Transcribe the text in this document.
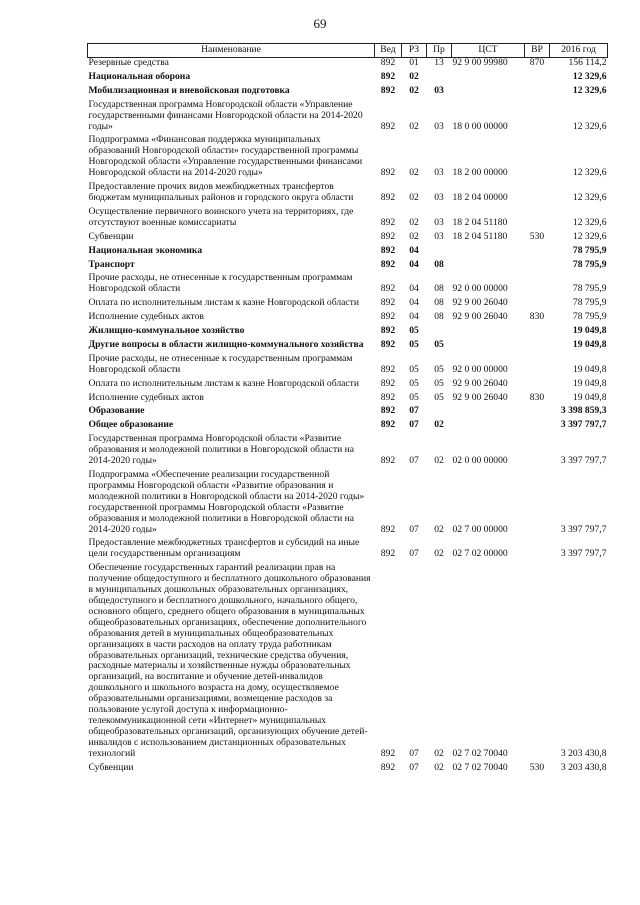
69
Наименование	Вед	РЗ	Пр	ЦСТ	ВР	2016 год
Резервные средства	892	01	13	92 9 00 99980	870	156 114,2
Национальная оборона	892	02				12 329,6
Мобилизационная и вневойсковая подготовка	892	02	03			12 329,6
Государственная программа Новгородской области «Управление государственными финансами Новгородской области на 2014-2020 годы»	892	02	03	18 0 00 00000		12 329,6
Подпрограмма «Финансовая поддержка муниципальных образований Новгородской области» государственной программы Новгородской области «Управление государственными финансами Новгородской области на 2014-2020 годы»	892	02	03	18 2 00 00000		12 329,6
Предоставление прочих видов межбюджетных трансфертов бюджетам муниципальных районов и городского округа области	892	02	03	18 2 04 00000		12 329,6
Осуществление первичного воинского учета на территориях, где отсутствуют военные комиссариаты	892	02	03	18 2 04 51180		12 329,6
Субвенции	892	02	03	18 2 04 51180	530	12 329,6
Национальная экономика	892	04				78 795,9
Транспорт	892	04	08			78 795,9
Прочие расходы, не отнесенные к государственным программам Новгородской области	892	04	08	92 0 00 00000		78 795,9
Оплата по исполнительным листам к казне Новгородской области	892	04	08	92 9 00 26040		78 795,9
Исполнение судебных актов	892	04	08	92 9 00 26040	830	78 795,9
Жилищно-коммунальное хозяйство	892	05				19 049,8
Другие вопросы в области жилищно-коммунального хозяйства	892	05	05			19 049,8
Прочие расходы, не отнесенные к государственным программам Новгородской области	892	05	05	92 0 00 00000		19 049,8
Оплата по исполнительным листам к казне Новгородской области	892	05	05	92 9 00 26040		19 049,8
Исполнение судебных актов	892	05	05	92 9 00 26040	830	19 049,8
Образование	892	07				3 398 859,3
Общее образование	892	07	02			3 397 797,7
Государственная программа Новгородской области «Развитие образования и молодежной политики в Новгородской области на 2014-2020 годы»	892	07	02	02 0 00 00000		3 397 797,7
Подпрограмма «Обеспечение реализации государственной программы Новгородской области «Развитие образования и молодежной политики в Новгородской области на 2014-2020 годы» государственной программы Новгородской области «Развитие образования и молодежной политики в Новгородской области на 2014-2020 годы»	892	07	02	02 7 00 00000		3 397 797,7
Предоставление межбюджетных трансфертов и субсидий на иные цели государственным организациям	892	07	02	02 7 02 00000		3 397 797,7
Обеспечение государственных гарантий реализации прав на получение общедоступного и бесплатного дошкольного образования в муниципальных дошкольных образовательных организациях, общедоступного и бесплатного дошкольного, начального общего, основного общего, среднего общего образования в муниципальных общеобразовательных организациях, обеспечение дополнительного образования детей в муниципальных общеобразовательных организациях в части расходов на оплату труда работникам образовательных организаций, технические средства обучения, расходные материалы и хозяйственные нужды образовательных организаций, на воспитание и обучение детей-инвалидов дошкольного и школьного возраста на дому, осуществляемое образовательными организациями, возмещение расходов за пользование услугой доступа к информационно-телекоммуникационной сети «Интернет» муниципальных общеобразовательных организаций, организующих обучение детей-инвалидов с использованием дистанционных образовательных технологий	892	07	02	02 7 02 70040		3 203 430,8
Субвенции	892	07	02	02 7 02 70040	530	3 203 430,8
